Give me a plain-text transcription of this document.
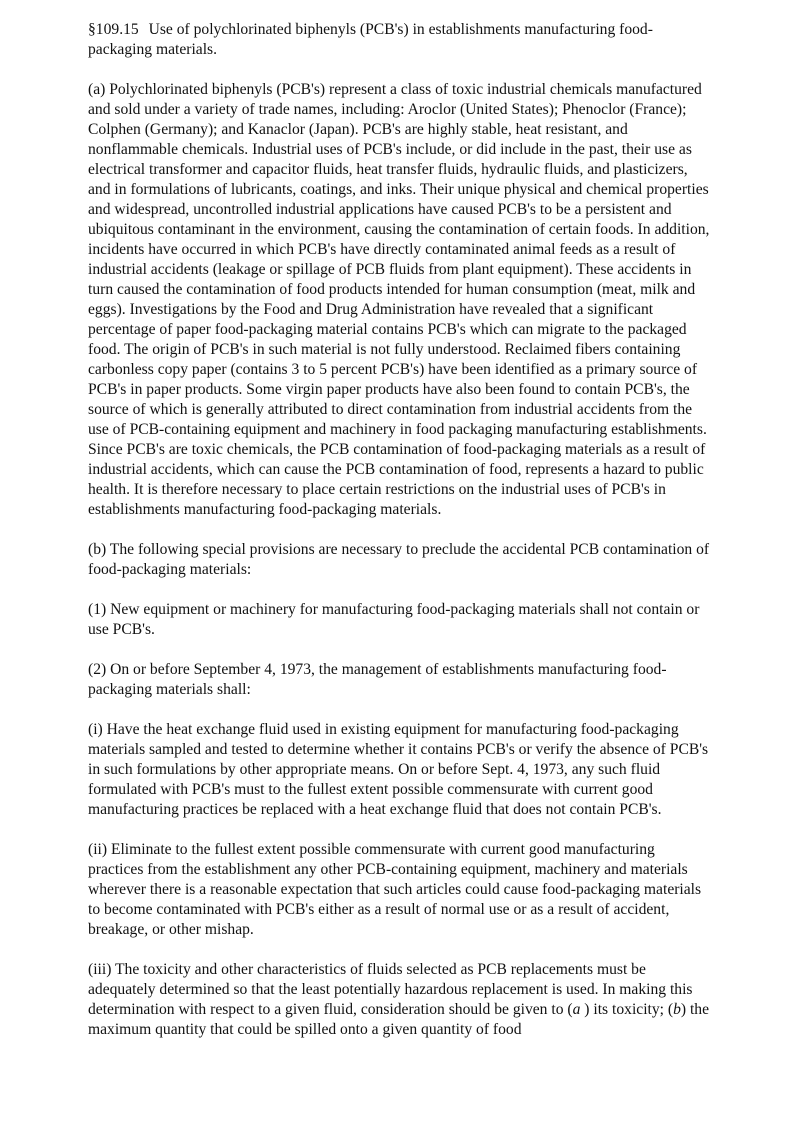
§109.15 Use of polychlorinated biphenyls (PCB's) in establishments manufacturing food-packaging materials.

(a) Polychlorinated biphenyls (PCB's) represent a class of toxic industrial chemicals manufactured and sold under a variety of trade names, including: Aroclor (United States); Phenoclor (France); Colphen (Germany); and Kanaclor (Japan). PCB's are highly stable, heat resistant, and nonflammable chemicals. Industrial uses of PCB's include, or did include in the past, their use as electrical transformer and capacitor fluids, heat transfer fluids, hydraulic fluids, and plasticizers, and in formulations of lubricants, coatings, and inks. Their unique physical and chemical properties and widespread, uncontrolled industrial applications have caused PCB's to be a persistent and ubiquitous contaminant in the environment, causing the contamination of certain foods. In addition, incidents have occurred in which PCB's have directly contaminated animal feeds as a result of industrial accidents (leakage or spillage of PCB fluids from plant equipment). These accidents in turn caused the contamination of food products intended for human consumption (meat, milk and eggs). Investigations by the Food and Drug Administration have revealed that a significant percentage of paper food-packaging material contains PCB's which can migrate to the packaged food. The origin of PCB's in such material is not fully understood. Reclaimed fibers containing carbonless copy paper (contains 3 to 5 percent PCB's) have been identified as a primary source of PCB's in paper products. Some virgin paper products have also been found to contain PCB's, the source of which is generally attributed to direct contamination from industrial accidents from the use of PCB-containing equipment and machinery in food packaging manufacturing establishments. Since PCB's are toxic chemicals, the PCB contamination of food-packaging materials as a result of industrial accidents, which can cause the PCB contamination of food, represents a hazard to public health. It is therefore necessary to place certain restrictions on the industrial uses of PCB's in establishments manufacturing food-packaging materials.

(b) The following special provisions are necessary to preclude the accidental PCB contamination of food-packaging materials:

(1) New equipment or machinery for manufacturing food-packaging materials shall not contain or use PCB's.

(2) On or before September 4, 1973, the management of establishments manufacturing food-packaging materials shall:

(i) Have the heat exchange fluid used in existing equipment for manufacturing food-packaging materials sampled and tested to determine whether it contains PCB's or verify the absence of PCB's in such formulations by other appropriate means. On or before Sept. 4, 1973, any such fluid formulated with PCB's must to the fullest extent possible commensurate with current good manufacturing practices be replaced with a heat exchange fluid that does not contain PCB's.

(ii) Eliminate to the fullest extent possible commensurate with current good manufacturing practices from the establishment any other PCB-containing equipment, machinery and materials wherever there is a reasonable expectation that such articles could cause food-packaging materials to become contaminated with PCB's either as a result of normal use or as a result of accident, breakage, or other mishap.

(iii) The toxicity and other characteristics of fluids selected as PCB replacements must be adequately determined so that the least potentially hazardous replacement is used. In making this determination with respect to a given fluid, consideration should be given to (a ) its toxicity; (b) the maximum quantity that could be spilled onto a given quantity of food
